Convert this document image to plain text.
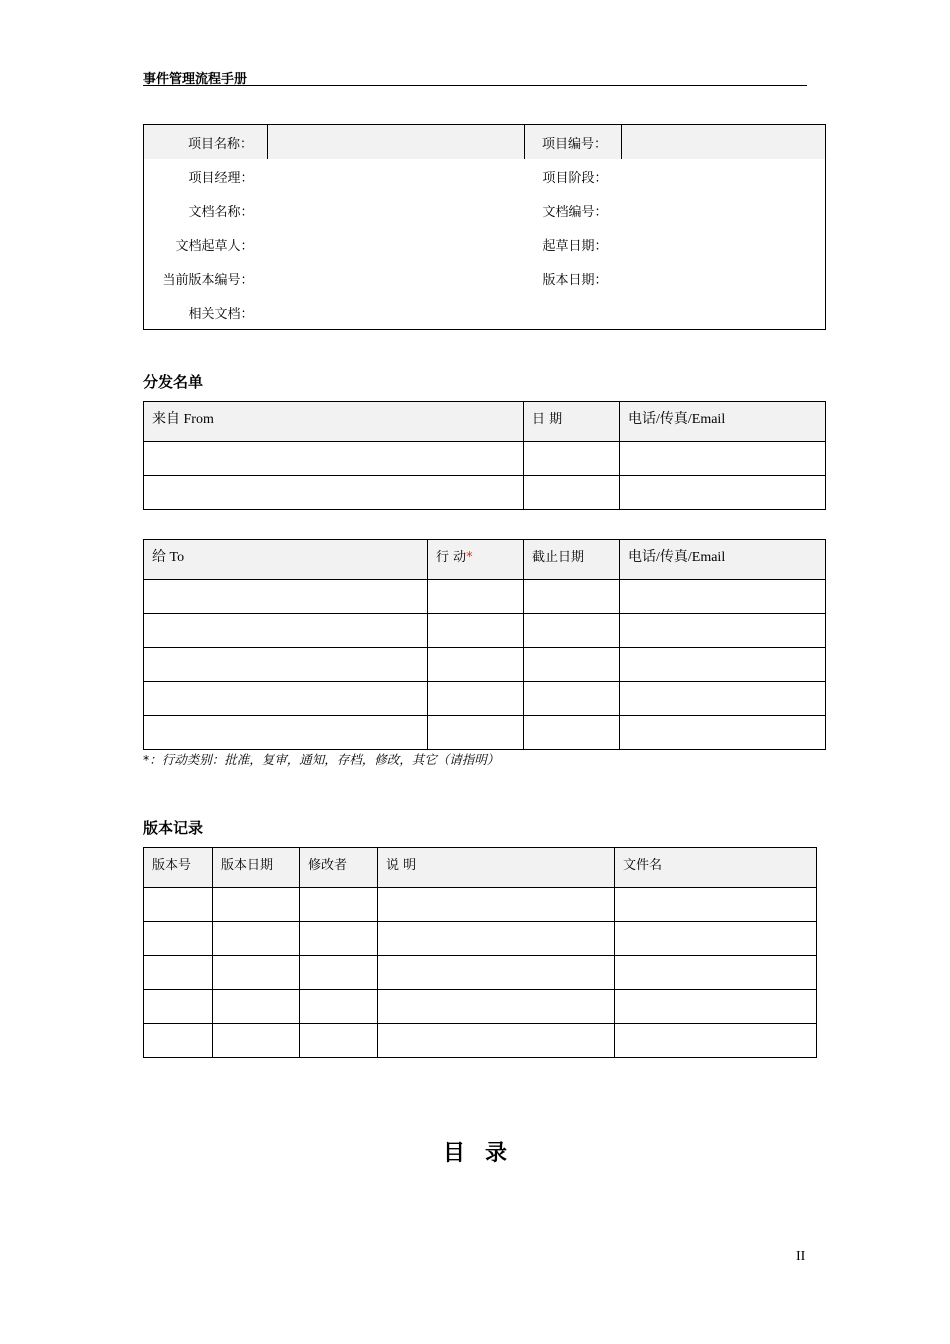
事件管理流程手册
项目名称：		项目编号：	
项目经理：		项目阶段：	
文档名称：		文档编号：	
文档起草人：		起草日期：	
当前版本编号：		版本日期：	
相关文档：			
分发名单
来自 From	日 期	电话/传真/Email

给 To	行 动*	截止日期	电话/传真/Email

*：行动类别：批准，复审，通知，存档，修改，其它（请指明）
版本记录
版本号	版本日期	修改者	说 明	文件名

目录
II
